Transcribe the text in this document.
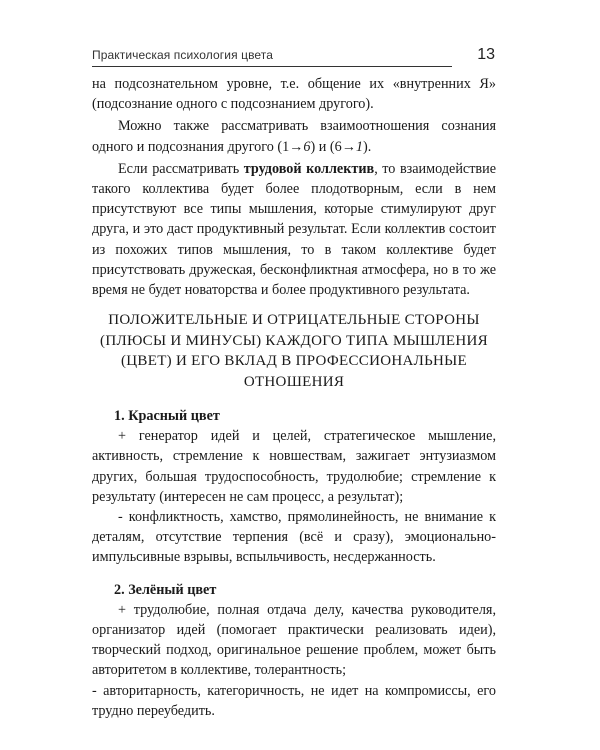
Практическая психология цвета	13

на подсознательном уровне, т.е. общение их «внутренних Я» (подсознание одного с подсознанием другого).

Можно также рассматривать взаимоотношения сознания одного и подсознания другого (1→6) и (6→1).

Если рассматривать трудовой коллектив, то взаимодействие такого коллектива будет более плодотворным, если в нем присутствуют все типы мышления, которые стимулируют друг друга, и это даст продуктивный результат. Если коллектив состоит из похожих типов мышления, то в таком коллективе будет присутствовать дружеская, бесконфликтная атмосфера, но в то же время не будет новаторства и более продуктивного результата.

ПОЛОЖИТЕЛЬНЫЕ И ОТРИЦАТЕЛЬНЫЕ СТОРОНЫ (ПЛЮСЫ И МИНУСЫ) КАЖДОГО ТИПА МЫШЛЕНИЯ (ЦВЕТ) И ЕГО ВКЛАД В ПРОФЕССИОНАЛЬНЫЕ ОТНОШЕНИЯ

1. Красный цвет

+ генератор идей и целей, стратегическое мышление, активность, стремление к новшествам, зажигает энтузиазмом других, большая трудоспособность, трудолюбие; стремление к результату (интересен не сам процесс, а результат);

- конфликтность, хамство, прямолинейность, не внимание к деталям, отсутствие терпения (всё и сразу), эмоционально-импульсивные взрывы, вспыльчивость, несдержанность.

2. Зелёный цвет

+ трудолюбие, полная отдача делу, качества руководителя, организатор идей (помогает практически реализовать идеи), творческий подход, оригинальное решение проблем, может быть авторитетом в коллективе, толерантность;

- авторитарность, категоричность, не идет на компромиссы, его трудно переубедить.
